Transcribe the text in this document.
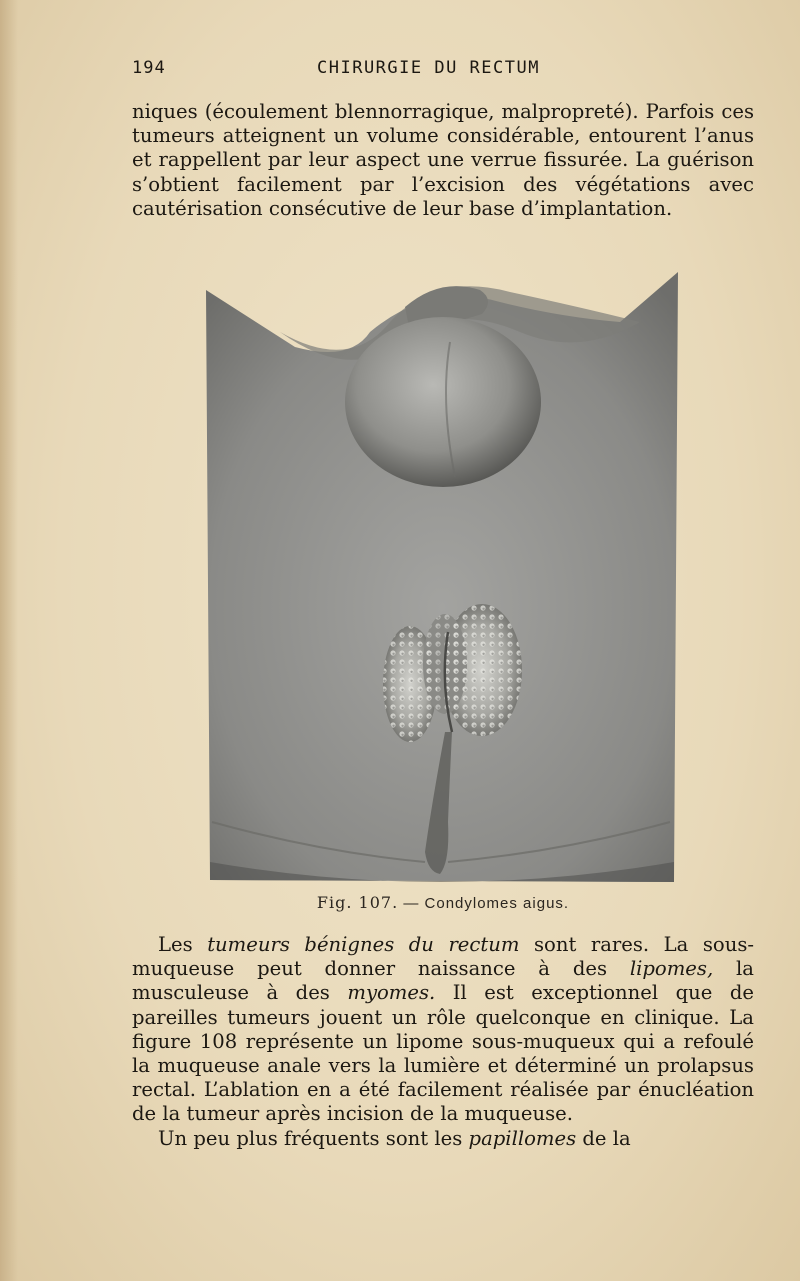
194	CHIRURGIE DU RECTUM

niques (écoulement blennorragique, malpropreté). Parfois ces tumeurs atteignent un volume considérable, entourent l’anus et rappellent par leur aspect une verrue fissurée. La guérison s’obtient facilement par l’excision des végétations avec cautérisation consécutive de leur base d’implantation.

Fig. 107. — Condylomes aigus.

Les tumeurs bénignes du rectum sont rares. La sous-muqueuse peut donner naissance à des lipomes, la musculeuse à des myomes. Il est exceptionnel que de pareilles tumeurs jouent un rôle quelconque en clinique. La figure 108 représente un lipome sous-muqueux qui a refoulé la muqueuse anale vers la lumière et déterminé un prolapsus rectal. L’ablation en a été facilement réalisée par énucléation de la tumeur après incision de la muqueuse.

Un peu plus fréquents sont les papillomes de la
